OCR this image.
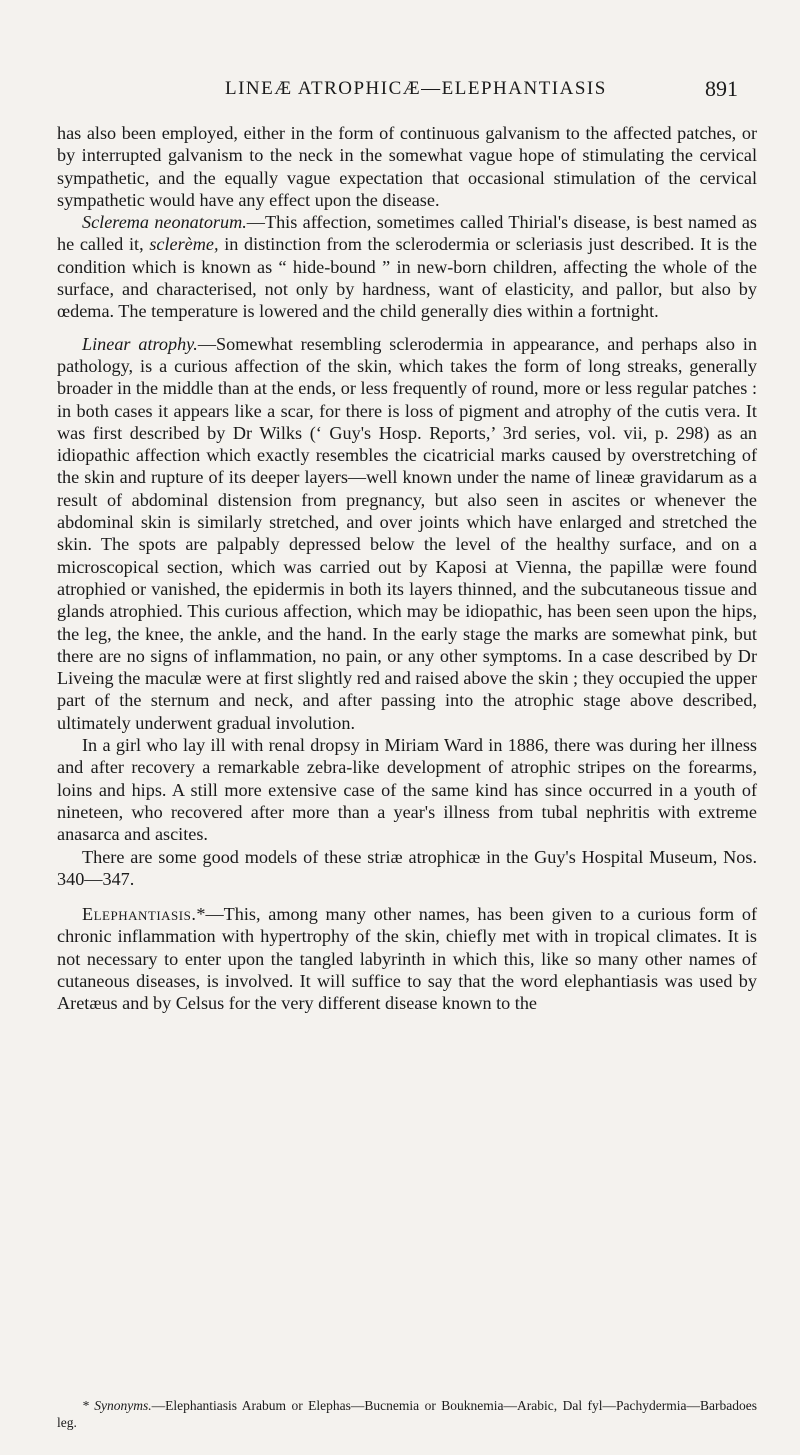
LINEÆ ATROPHICÆ—ELEPHANTIASIS	891

has also been employed, either in the form of continuous galvanism to the affected patches, or by interrupted galvanism to the neck in the somewhat vague hope of stimulating the cervical sympathetic, and the equally vague expectation that occasional stimulation of the cervical sympathetic would have any effect upon the disease.

Sclerema neonatorum.—This affection, sometimes called Thirial's disease, is best named as he called it, sclerème, in distinction from the sclerodermia or scleriasis just described. It is the condition which is known as “ hide-bound ” in new-born children, affecting the whole of the surface, and characterised, not only by hardness, want of elasticity, and pallor, but also by œdema. The temperature is lowered and the child generally dies within a fortnight.

Linear atrophy.—Somewhat resembling sclerodermia in appearance, and perhaps also in pathology, is a curious affection of the skin, which takes the form of long streaks, generally broader in the middle than at the ends, or less frequently of round, more or less regular patches : in both cases it appears like a scar, for there is loss of pigment and atrophy of the cutis vera. It was first described by Dr Wilks (‘ Guy's Hosp. Reports,’ 3rd series, vol. vii, p. 298) as an idiopathic affection which exactly resembles the cicatricial marks caused by overstretching of the skin and rupture of its deeper layers—well known under the name of lineæ gravidarum as a result of abdominal distension from pregnancy, but also seen in ascites or whenever the abdominal skin is similarly stretched, and over joints which have enlarged and stretched the skin. The spots are palpably depressed below the level of the healthy surface, and on a microscopical section, which was carried out by Kaposi at Vienna, the papillæ were found atrophied or vanished, the epidermis in both its layers thinned, and the subcutaneous tissue and glands atrophied. This curious affection, which may be idiopathic, has been seen upon the hips, the leg, the knee, the ankle, and the hand. In the early stage the marks are somewhat pink, but there are no signs of inflammation, no pain, or any other symptoms. In a case described by Dr Liveing the maculæ were at first slightly red and raised above the skin ; they occupied the upper part of the sternum and neck, and after passing into the atrophic stage above described, ultimately underwent gradual involution.

In a girl who lay ill with renal dropsy in Miriam Ward in 1886, there was during her illness and after recovery a remarkable zebra-like development of atrophic stripes on the forearms, loins and hips. A still more extensive case of the same kind has since occurred in a youth of nineteen, who recovered after more than a year's illness from tubal nephritis with extreme anasarca and ascites.

There are some good models of these striæ atrophicæ in the Guy's Hospital Museum, Nos. 340—347.

Elephantiasis.*—This, among many other names, has been given to a curious form of chronic inflammation with hypertrophy of the skin, chiefly met with in tropical climates. It is not necessary to enter upon the tangled labyrinth in which this, like so many other names of cutaneous diseases, is involved. It will suffice to say that the word elephantiasis was used by Aretæus and by Celsus for the very different disease known to the

* Synonyms.—Elephantiasis Arabum or Elephas—Bucnemia or Bouknemia—Arabic, Dal fyl—Pachydermia—Barbadoes leg.
